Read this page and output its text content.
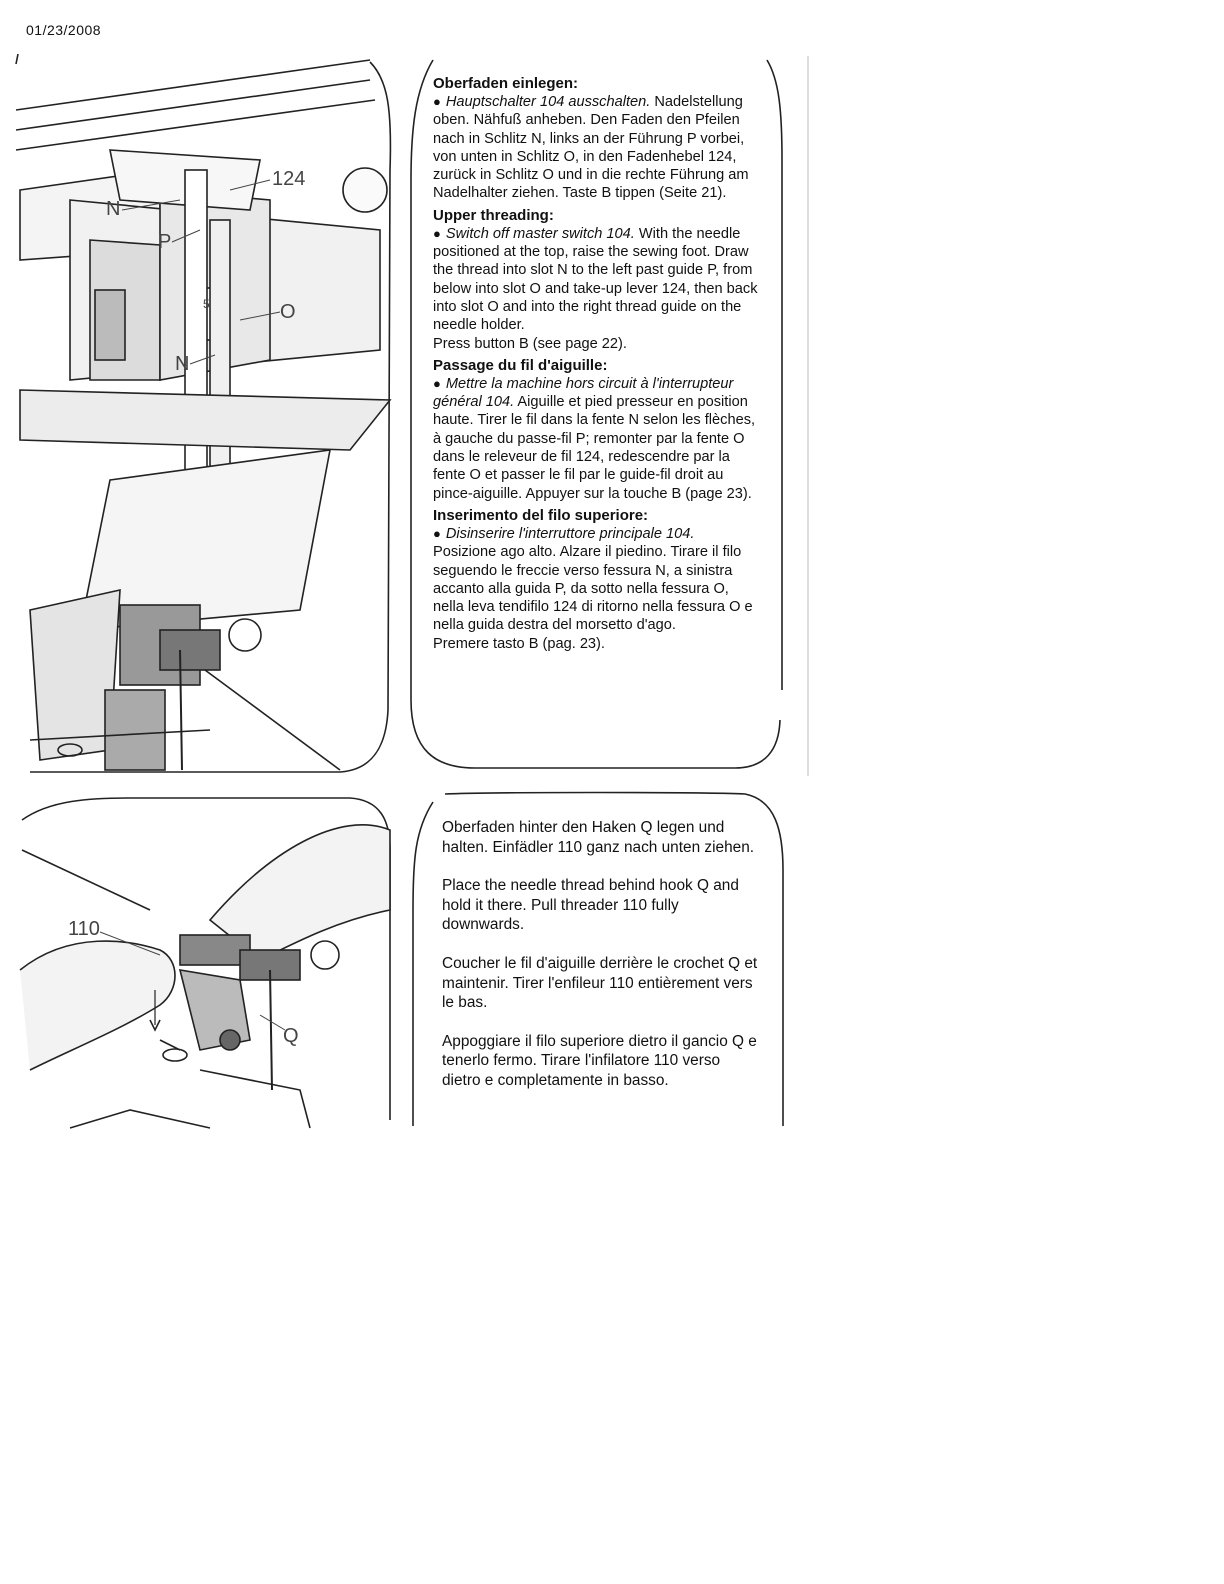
01/23/2008
N
P
124
O
N
5
Oberfaden einlegen:

● Hauptschalter 104 ausschalten. Nadelstellung oben. Nähfuß anheben. Den Faden den Pfeilen nach in Schlitz N, links an der Führung P vorbei, von unten in Schlitz O, in den Fadenhebel 124, zurück in Schlitz O und in die rechte Führung am Nadelhalter ziehen. Taste B tippen (Seite 21).

Upper threading:

● Switch off master switch 104. With the needle positioned at the top, raise the sewing foot. Draw the thread into slot N to the left past guide P, from below into slot O and take-up lever 124, then back into slot O and into the right thread guide on the needle holder.
Press button B (see page 22).

Passage du fil d'aiguille:

● Mettre la machine hors circuit à l'interrupteur général 104. Aiguille et pied presseur en position haute. Tirer le fil dans la fente N selon les flèches, à gauche du passe-fil P; remonter par la fente O dans le releveur de fil 124, redescendre par la fente O et passer le fil par le guide-fil droit au pince-aiguille. Appuyer sur la touche B (page 23).

Inserimento del filo superiore:

● Disinserire l'interruttore principale 104. Posizione ago alto. Alzare il piedino. Tirare il filo seguendo le freccie verso fessura N, a sinistra accanto alla guida P, da sotto nella fessura O, nella leva tendifilo 124 di ritorno nella fessura O e nella guida destra del morsetto d'ago.
Premere tasto B (pag. 23).

110
Q

Oberfaden hinter den Haken Q legen und halten. Einfädler 110 ganz nach unten ziehen.

Place the needle thread behind hook Q and hold it there. Pull threader 110 fully downwards.

Coucher le fil d'aiguille derrière le crochet Q et maintenir. Tirer l'enfileur 110 entièrement vers le bas.

Appoggiare il filo superiore dietro il gancio Q e tenerlo fermo. Tirare l'infilatore 110 verso dietro e completamente in basso.
